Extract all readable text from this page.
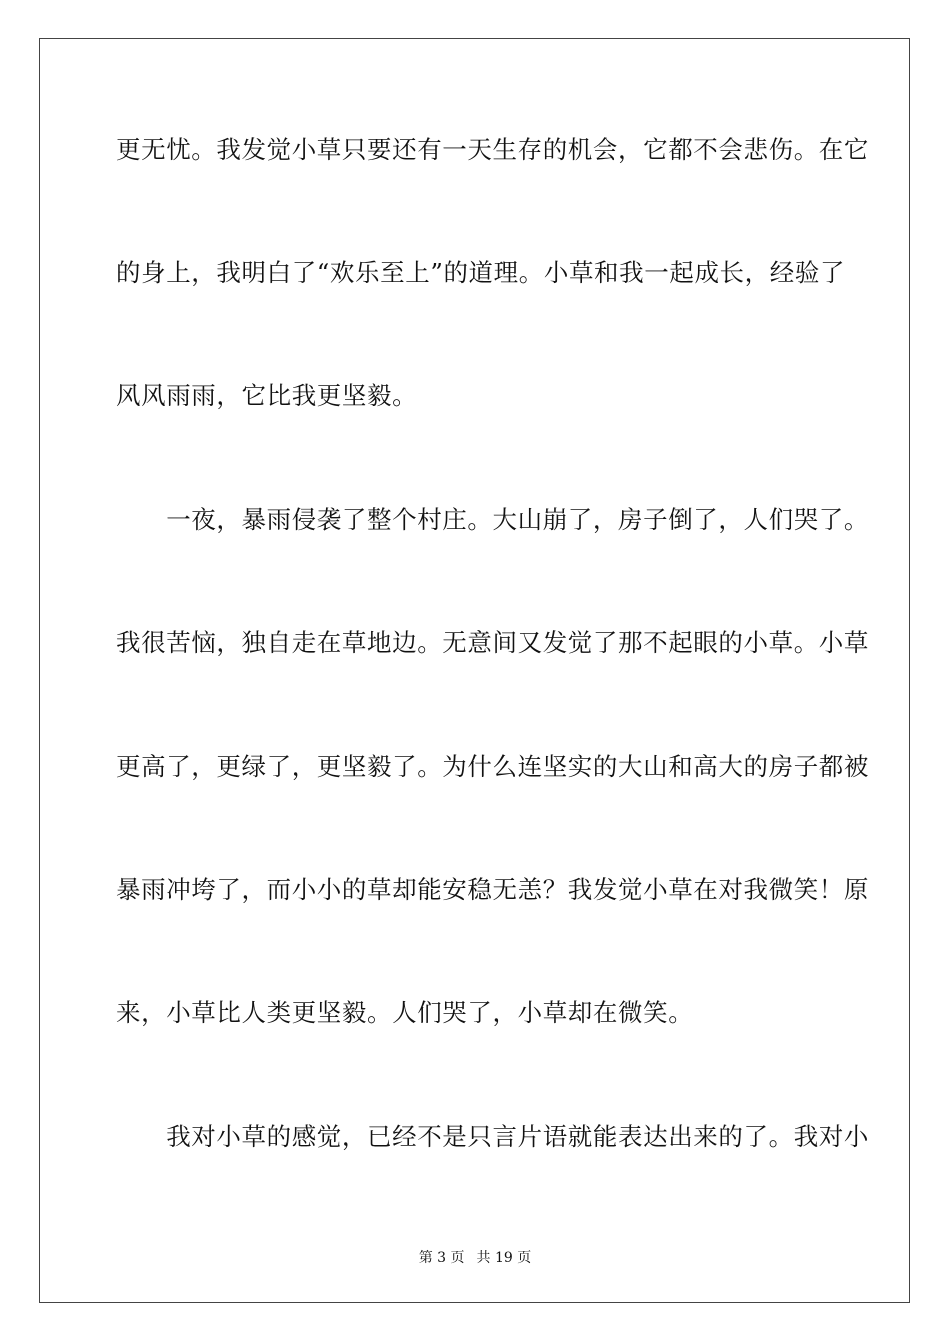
更无忧。我发觉小草只要还有一天生存的机会，它都不会悲伤。在它
的身上，我明白了“欢乐至上”的道理。小草和我一起成长，经验了
风风雨雨，它比我更坚毅。
　　一夜，暴雨侵袭了整个村庄。大山崩了，房子倒了，人们哭了。
我很苦恼，独自走在草地边。无意间又发觉了那不起眼的小草。小草
更高了，更绿了，更坚毅了。为什么连坚实的大山和高大的房子都被
暴雨冲垮了，而小小的草却能安稳无恙？我发觉小草在对我微笑！原
来，小草比人类更坚毅。人们哭了，小草却在微笑。
　　我对小草的感觉，已经不是只言片语就能表达出来的了。我对小
第 3 页 共 19 页
